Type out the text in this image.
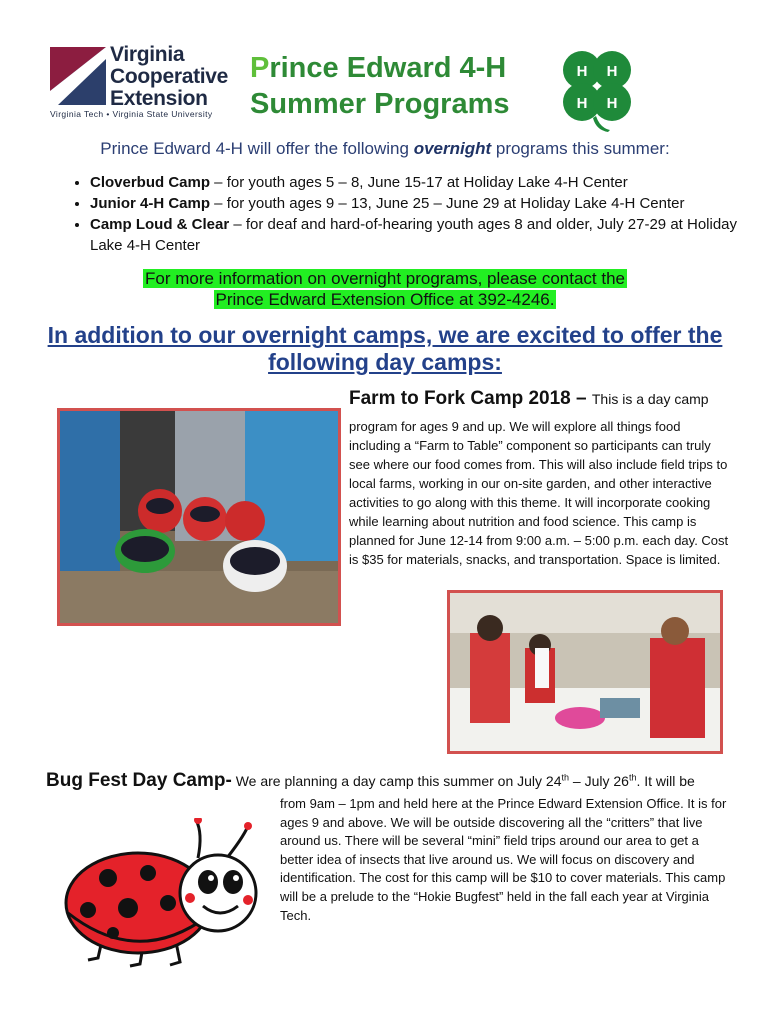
Virginia
Cooperative
Extension
Virginia Tech • Virginia State University
Prince Edward 4-H
Summer Programs
H H
H H
Prince Edward 4-H will offer the following overnight programs this summer:
• Cloverbud Camp – for youth ages 5 – 8, June 15-17 at Holiday Lake 4-H Center
• Junior 4-H Camp – for youth ages 9 – 13, June 25 – June 29 at Holiday Lake 4-H Center
• Camp Loud & Clear – for deaf and hard-of-hearing youth ages 8 and older, July 27-29 at Holiday Lake 4-H Center
For more information on overnight programs, please contact the
Prince Edward Extension Office at 392-4246.
In addition to our overnight camps, we are excited to offer the
following day camps:
Farm to Fork Camp 2018 – This is a day camp
program for ages 9 and up. We will explore all things food including a “Farm to Table” component so participants can truly see where our food comes from. This will also include field trips to local farms, working in our on-site garden, and other interactive activities to go along with this theme. It will incorporate cooking while learning about nutrition and food science. This camp is planned for June 12-14 from 9:00 a.m. – 5:00 p.m. each day. Cost is $35 for materials, snacks, and transportation. Space is limited.
Bug Fest Day Camp- We are planning a day camp this summer on July 24th – July 26th. It will be
from 9am – 1pm and held here at the Prince Edward Extension Office. It is for ages 9 and above. We will be outside discovering all the “critters” that live around us. There will be several “mini” field trips around our area to get a better idea of insects that live around us. We will focus on discovery and identification. The cost for this camp will be $10 to cover materials. This camp will be a prelude to the “Hokie Bugfest” held in the fall each year at Virginia Tech.
